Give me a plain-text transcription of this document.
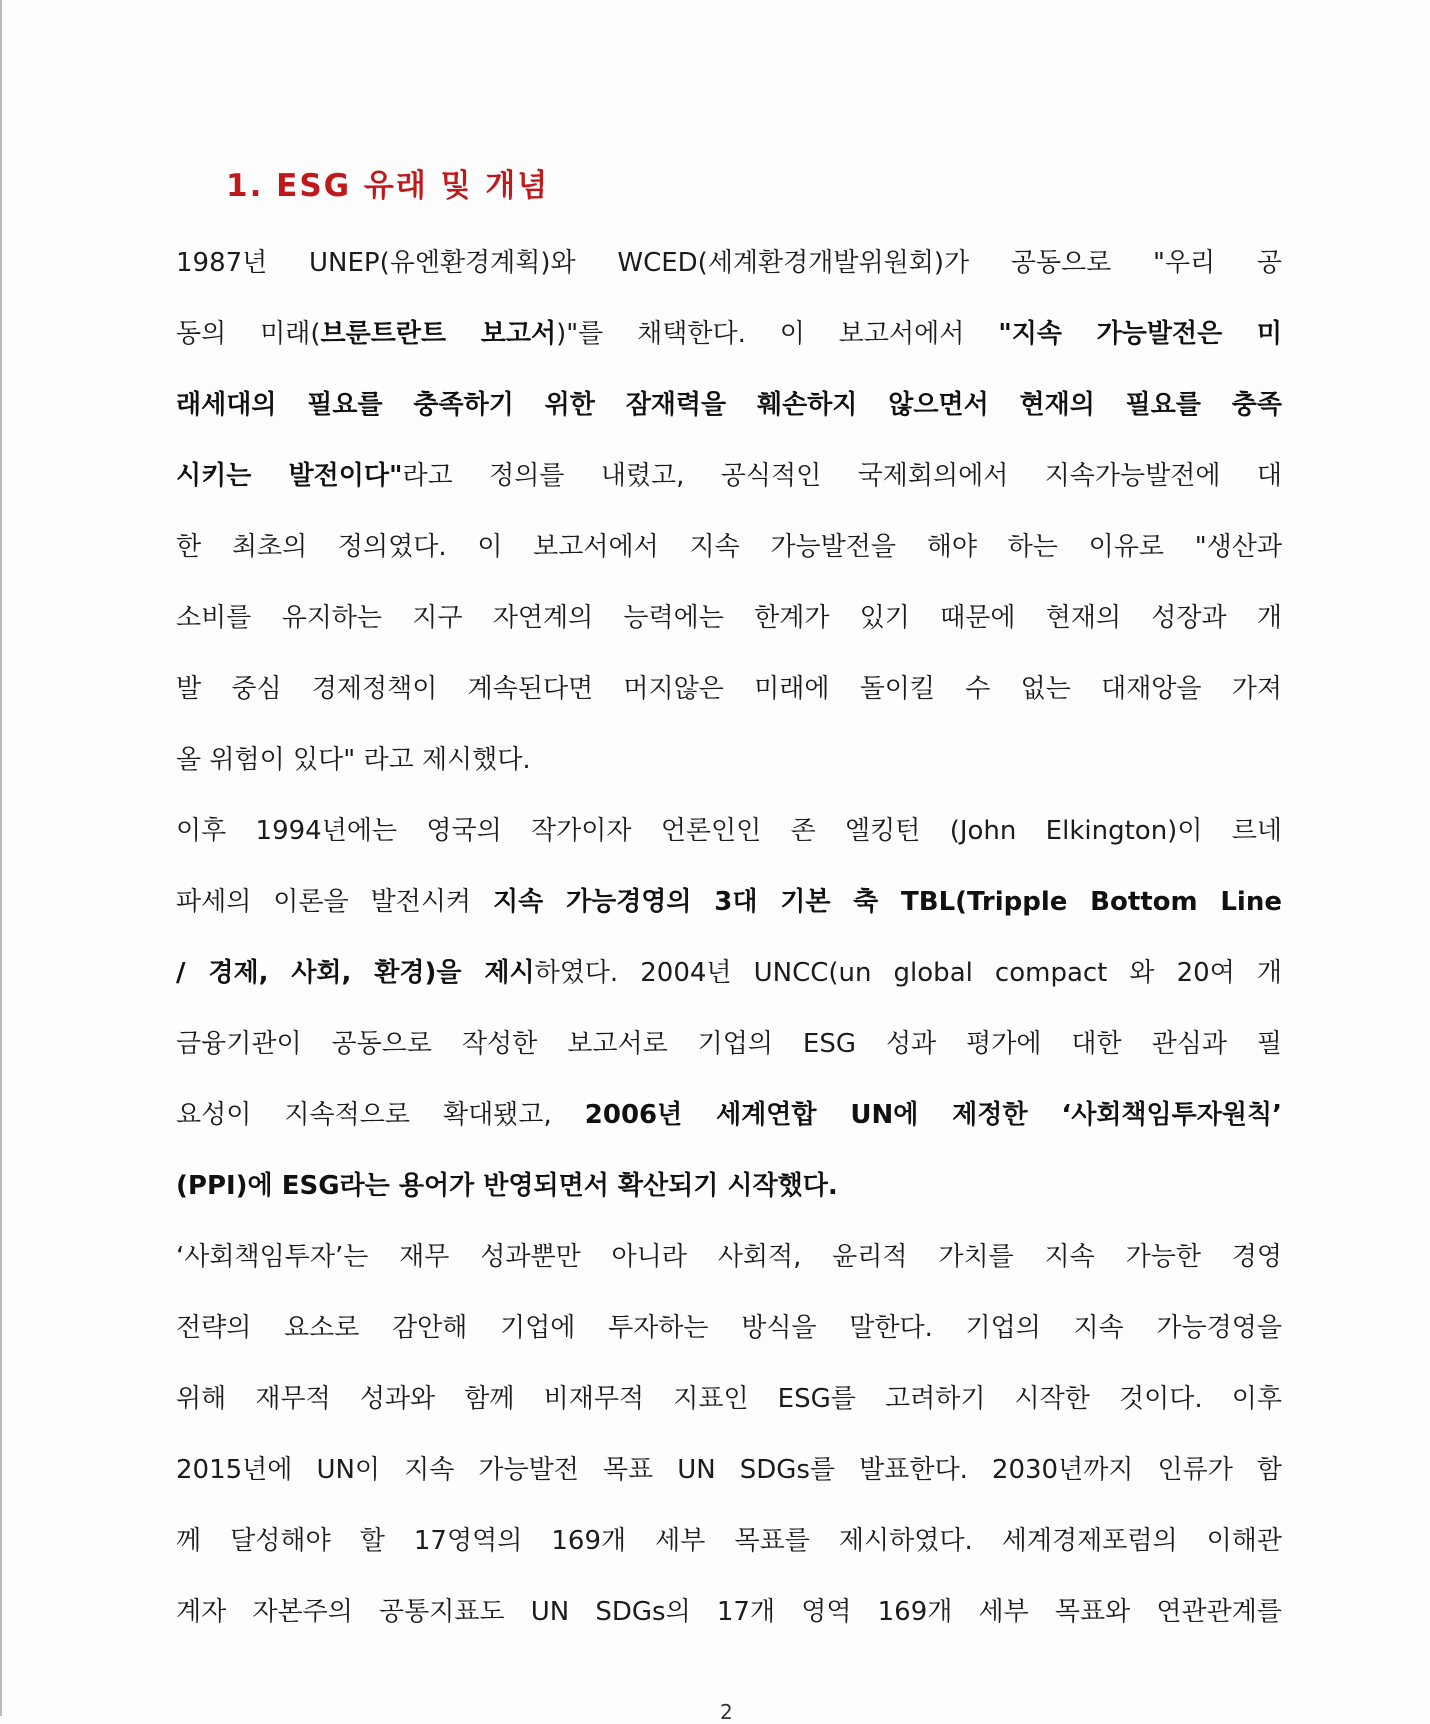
1. ESG 유래 및 개념
1987년 UNEP(유엔환경계획)와 WCED(세계환경개발위원회)가 공동으로 "우리 공
동의 미래(브룬트란트 보고서)"를 채택한다. 이 보고서에서 "지속 가능발전은 미
래세대의 필요를 충족하기 위한 잠재력을 훼손하지 않으면서 현재의 필요를 충족
시키는 발전이다"라고 정의를 내렸고, 공식적인 국제회의에서 지속가능발전에 대
한 최초의 정의였다. 이 보고서에서 지속 가능발전을 해야 하는 이유로 "생산과
소비를 유지하는 지구 자연계의 능력에는 한계가 있기 때문에 현재의 성장과 개
발 중심 경제정책이 계속된다면 머지않은 미래에 돌이킬 수 없는 대재앙을 가져
올 위험이 있다" 라고 제시했다.
이후 1994년에는 영국의 작가이자 언론인인 존 엘킹턴 (John Elkington)이 르네
파세의 이론을 발전시켜 지속 가능경영의 3대 기본 축 TBL(Tripple Bottom Line
/ 경제, 사회, 환경)을 제시하였다. 2004년 UNCC(un global compact 와 20여 개
금융기관이 공동으로 작성한 보고서로 기업의 ESG 성과 평가에 대한 관심과 필
요성이 지속적으로 확대됐고, 2006년 세계연합 UN에 제정한 ‘사회책임투자원칙’
(PPI)에 ESG라는 용어가 반영되면서 확산되기 시작했다.
‘사회책임투자’는 재무 성과뿐만 아니라 사회적, 윤리적 가치를 지속 가능한 경영
전략의 요소로 감안해 기업에 투자하는 방식을 말한다. 기업의 지속 가능경영을
위해 재무적 성과와 함께 비재무적 지표인 ESG를 고려하기 시작한 것이다. 이후
2015년에 UN이 지속 가능발전 목표 UN SDGs를 발표한다. 2030년까지 인류가 함
께 달성해야 할 17영역의 169개 세부 목표를 제시하였다. 세계경제포럼의 이해관
계자 자본주의 공통지표도 UN SDGs의 17개 영역 169개 세부 목표와 연관관계를
2
